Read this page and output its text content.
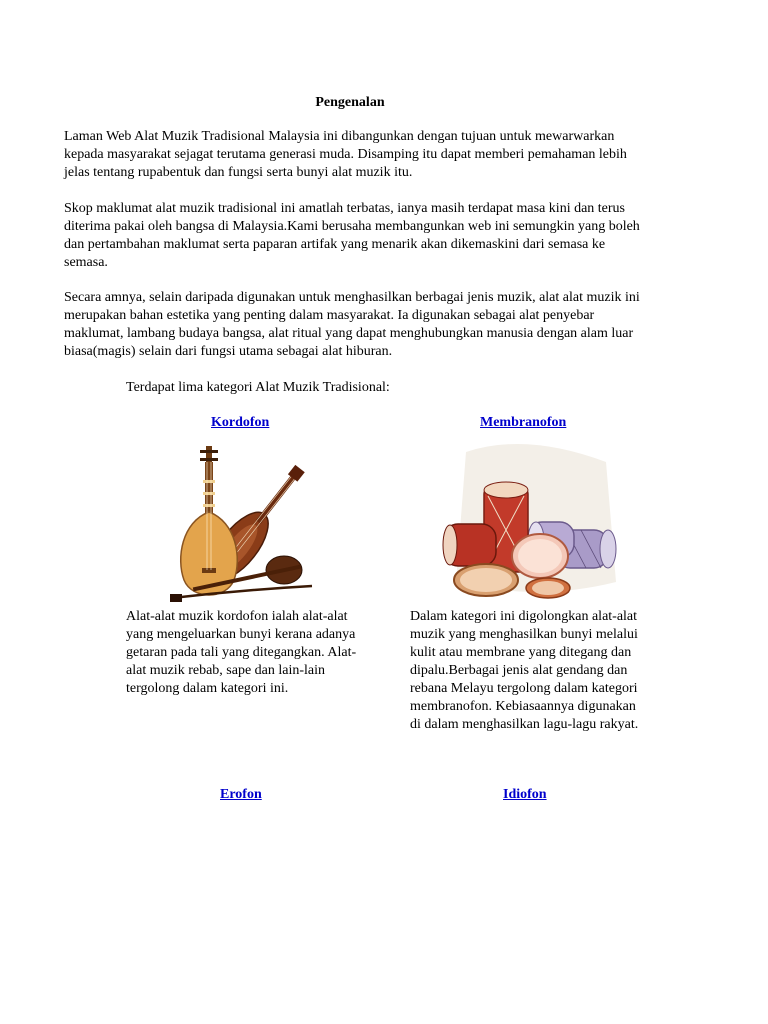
Pengenalan

Laman Web Alat Muzik Tradisional Malaysia ini dibangunkan dengan tujuan untuk mewarwarkan kepada masyarakat sejagat terutama generasi muda. Disamping itu dapat memberi pemahaman lebih jelas tentang rupabentuk dan fungsi serta bunyi alat muzik itu.

Skop maklumat alat muzik tradisional ini amatlah terbatas, ianya masih terdapat masa kini dan terus diterima pakai oleh bangsa di Malaysia.Kami berusaha membangunkan web ini semungkin yang boleh dan pertambahan maklumat serta paparan artifak yang menarik akan dikemaskini dari semasa ke semasa.

Secara amnya, selain daripada digunakan untuk menghasilkan berbagai jenis muzik, alat alat muzik ini merupakan bahan estetika yang penting dalam masyarakat. Ia digunakan sebagai alat penyebar maklumat, lambang budaya bangsa, alat ritual yang dapat menghubungkan manusia dengan alam luar biasa(magis) selain dari fungsi utama sebagai alat hiburan.

Terdapat lima kategori Alat Muzik Tradisional:
Kordofon

Alat-alat muzik kordofon ialah alat-alat yang mengeluarkan bunyi kerana adanya getaran pada tali yang ditegangkan. Alat-alat muzik rebab, sape dan lain-lain tergolong dalam kategori ini.

Membranofon

Dalam kategori ini digolongkan alat-alat muzik yang menghasilkan bunyi melalui kulit atau membrane yang ditegang dan dipalu.Berbagai jenis alat gendang dan rebana Melayu tergolong dalam kategori membranofon. Kebiasaannya digunakan di dalam menghasilkan lagu-lagu rakyat.

Erofon	Idiofon
